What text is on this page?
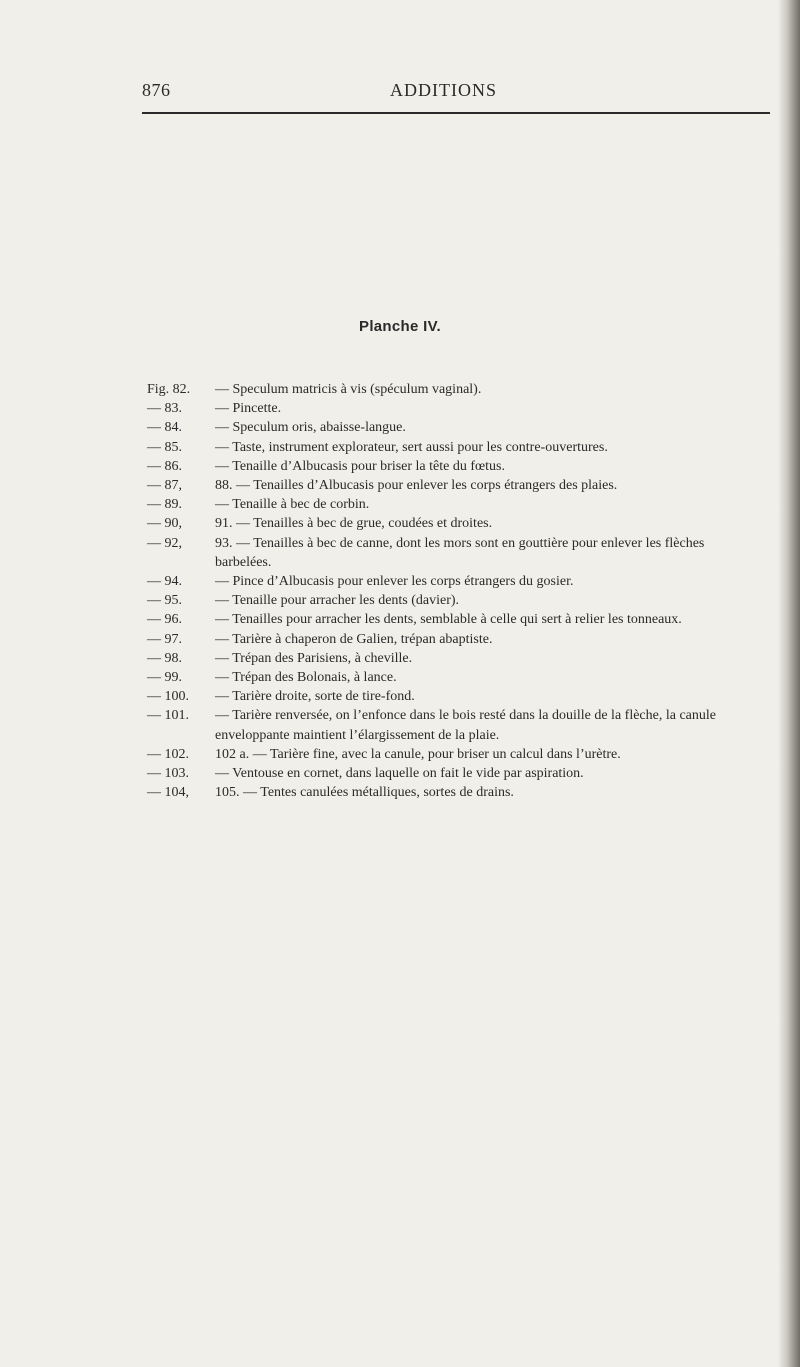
876	ADDITIONS
Planche IV.
Fig. 82.	— Speculum matricis à vis (spéculum vaginal).
— 83.	— Pincette.
— 84.	— Speculum oris, abaisse-langue.
— 85.	— Taste, instrument explorateur, sert aussi pour les contre-ouvertures.
— 86.	— Tenaille d’Albucasis pour briser la tête du fœtus.
— 87,	88. — Tenailles d’Albucasis pour enlever les corps étrangers des plaies.
— 89.	— Tenaille à bec de corbin.
— 90,	91. — Tenailles à bec de grue, coudées et droites.
— 92,	93. — Tenailles à bec de canne, dont les mors sont en gouttière pour enlever les flèches
barbelées.
— 94.	— Pince d’Albucasis pour enlever les corps étrangers du gosier.
— 95.	— Tenaille pour arracher les dents (davier).
— 96.	— Tenailles pour arracher les dents, semblable à celle qui sert à relier les tonneaux.
— 97.	— Tarière à chaperon de Galien, trépan abaptiste.
— 98.	— Trépan des Parisiens, à cheville.
— 99.	— Trépan des Bolonais, à lance.
— 100.	— Tarière droite, sorte de tire-fond.
— 101.	— Tarière renversée, on l’enfonce dans le bois resté dans la douille de la flèche, la canule
enveloppante maintient l’élargissement de la plaie.
— 102.	102 a. — Tarière fine, avec la canule, pour briser un calcul dans l’urètre.
— 103.	— Ventouse en cornet, dans laquelle on fait le vide par aspiration.
— 104,	105. — Tentes canulées métalliques, sortes de drains.
